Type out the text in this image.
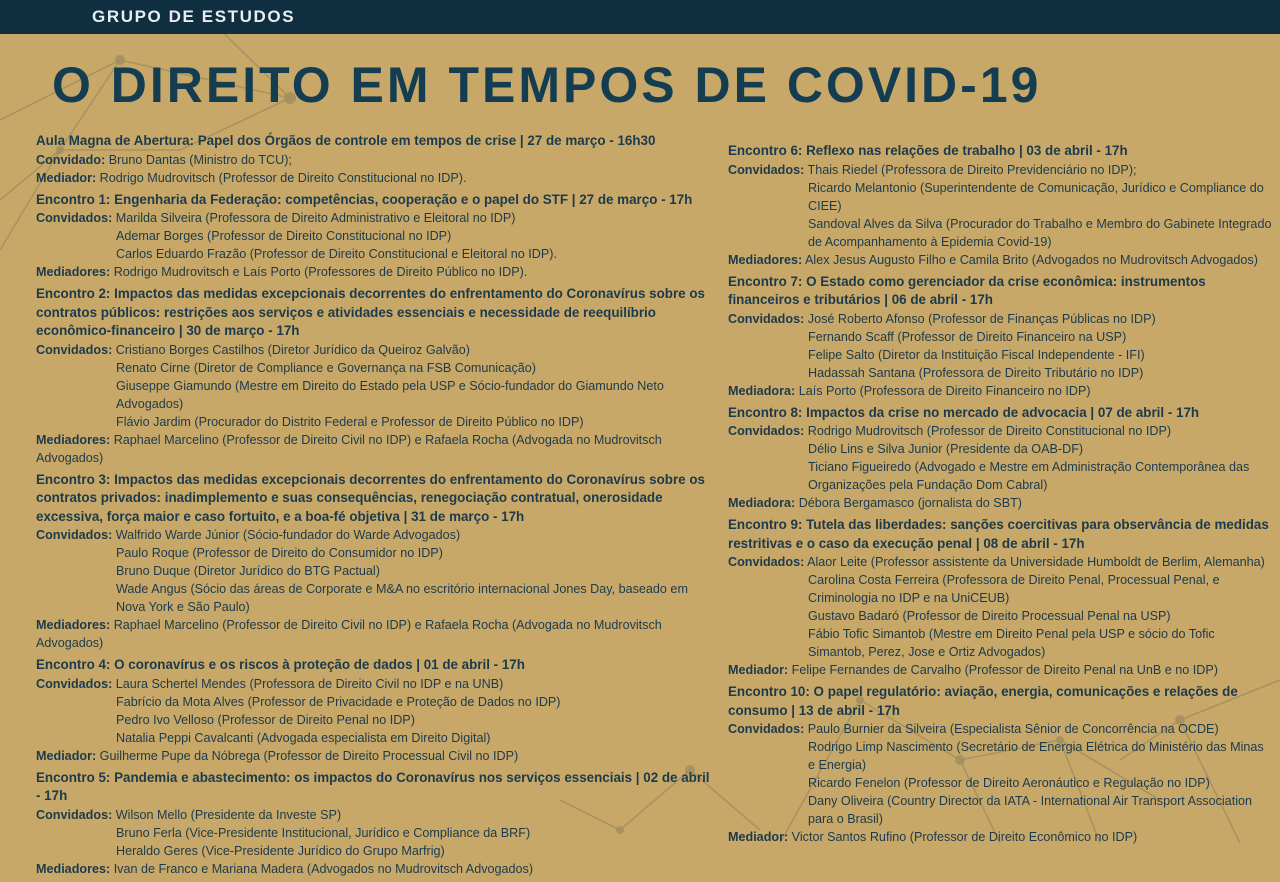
GRUPO DE ESTUDOS
O DIREITO EM TEMPOS DE COVID-19
Aula Magna de Abertura: Papel dos Órgãos de controle em tempos de crise | 27 de março - 16h30
Convidado: Bruno Dantas (Ministro do TCU);
Mediador: Rodrigo Mudrovitsch (Professor de Direito Constitucional no IDP).
Encontro 1: Engenharia da Federação: competências, cooperação e o papel do STF | 27 de março - 17h
Convidados: Marilda Silveira (Professora de Direito Administrativo e Eleitoral no IDP)
Ademar Borges (Professor de Direito Constitucional no IDP)
Carlos Eduardo Frazão (Professor de Direito Constitucional e Eleitoral no IDP).
Mediadores: Rodrigo Mudrovitsch e Laís Porto (Professores de Direito Público no IDP).
Encontro 2: Impactos das medidas excepcionais decorrentes do enfrentamento do Coronavírus sobre os contratos públicos: restrições aos serviços e atividades essenciais e necessidade de reequilíbrio econômico-financeiro | 30 de março - 17h
Convidados: Cristiano Borges Castilhos (Diretor Jurídico da Queiroz Galvão)
Renato Cirne (Diretor de Compliance e Governança na FSB Comunicação)
Giuseppe Giamundo (Mestre em Direito do Estado pela USP e Sócio-fundador do Giamundo Neto Advogados)
Flávio Jardim (Procurador do Distrito Federal e Professor de Direito Público no IDP)
Mediadores: Raphael Marcelino (Professor de Direito Civil no IDP) e Rafaela Rocha (Advogada no Mudrovitsch Advogados)
Encontro 3: Impactos das medidas excepcionais decorrentes do enfrentamento do Coronavírus sobre os contratos privados: inadimplemento e suas consequências, renegociação contratual, onerosidade excessiva, força maior e caso fortuito, e a boa-fé objetiva | 31 de março - 17h
Convidados: Walfrido Warde Júnior (Sócio-fundador do Warde Advogados)
Paulo Roque (Professor de Direito do Consumidor no IDP)
Bruno Duque (Diretor Jurídico do BTG Pactual)
Wade Angus (Sócio das áreas de Corporate e M&A no escritório internacional Jones Day, baseado em Nova York e São Paulo)
Mediadores: Raphael Marcelino (Professor de Direito Civil no IDP) e Rafaela Rocha (Advogada no Mudrovitsch Advogados)
Encontro 4: O coronavírus e os riscos à proteção de dados | 01 de abril - 17h
Convidados: Laura Schertel Mendes (Professora de Direito Civil no IDP e na UNB)
Fabrício da Mota Alves (Professor de Privacidade e Proteção de Dados no IDP)
Pedro Ivo Velloso (Professor de Direito Penal no IDP)
Natalia Peppi Cavalcanti (Advogada especialista em Direito Digital)
Mediador: Guilherme Pupe da Nóbrega (Professor de Direito Processual Civil no IDP)
Encontro 5: Pandemia e abastecimento: os impactos do Coronavírus nos serviços essenciais | 02 de abril - 17h
Convidados: Wilson Mello (Presidente da Investe SP)
Bruno Ferla (Vice-Presidente Institucional, Jurídico e Compliance da BRF)
Heraldo Geres (Vice-Presidente Jurídico do Grupo Marfrig)
Mediadores: Ivan de Franco e Mariana Madera (Advogados no Mudrovitsch Advogados)
Encontro 6: Reflexo nas relações de trabalho | 03 de abril - 17h
Convidados: Thais Riedel (Professora de Direito Previdenciário no IDP);
Ricardo Melantonio (Superintendente de Comunicação, Jurídico e Compliance do CIEE)
Sandoval Alves da Silva (Procurador do Trabalho e Membro do Gabinete Integrado de Acompanhamento à Epidemia Covid-19)
Mediadores: Alex Jesus Augusto Filho e Camila Brito (Advogados no Mudrovitsch Advogados)
Encontro 7: O Estado como gerenciador da crise econômica: instrumentos financeiros e tributários | 06 de abril - 17h
Convidados: José Roberto Afonso (Professor de Finanças Públicas no IDP)
Fernando Scaff (Professor de Direito Financeiro na USP)
Felipe Salto (Diretor da Instituição Fiscal Independente - IFI)
Hadassah Santana (Professora de Direito Tributário no IDP)
Mediadora: Laís Porto (Professora de Direito Financeiro no IDP)
Encontro 8: Impactos da crise no mercado de advocacia | 07 de abril - 17h
Convidados: Rodrigo Mudrovitsch (Professor de Direito Constitucional no IDP)
Délio Lins e Silva Junior (Presidente da OAB-DF)
Ticiano Figueiredo (Advogado e Mestre em Administração Contemporânea das Organizações pela Fundação Dom Cabral)
Mediadora: Débora Bergamasco (jornalista do SBT)
Encontro 9: Tutela das liberdades: sanções coercitivas para observância de medidas restritivas e o caso da execução penal | 08 de abril - 17h
Convidados: Alaor Leite (Professor assistente da Universidade Humboldt de Berlim, Alemanha)
Carolina Costa Ferreira (Professora de Direito Penal, Processual Penal, e Criminologia no IDP e na UniCEUB)
Gustavo Badaró (Professor de Direito Processual Penal na USP)
Fábio Tofic Simantob (Mestre em Direito Penal pela USP e sócio do Tofic Simantob, Perez, Jose e Ortiz Advogados)
Mediador: Felipe Fernandes de Carvalho (Professor de Direito Penal na UnB e no IDP)
Encontro 10: O papel regulatório: aviação, energia, comunicações e relações de consumo | 13 de abril - 17h
Convidados: Paulo Burnier da Silveira (Especialista Sênior de Concorrência na OCDE)
Rodrigo Limp Nascimento (Secretário de Energia Elétrica do Ministério das Minas e Energia)
Ricardo Fenelon (Professor de Direito Aeronáutico e Regulação no IDP)
Dany Oliveira (Country Director da IATA - International Air Transport Association para o Brasil)
Mediador: Victor Santos Rufino (Professor de Direito Econômico no IDP)
